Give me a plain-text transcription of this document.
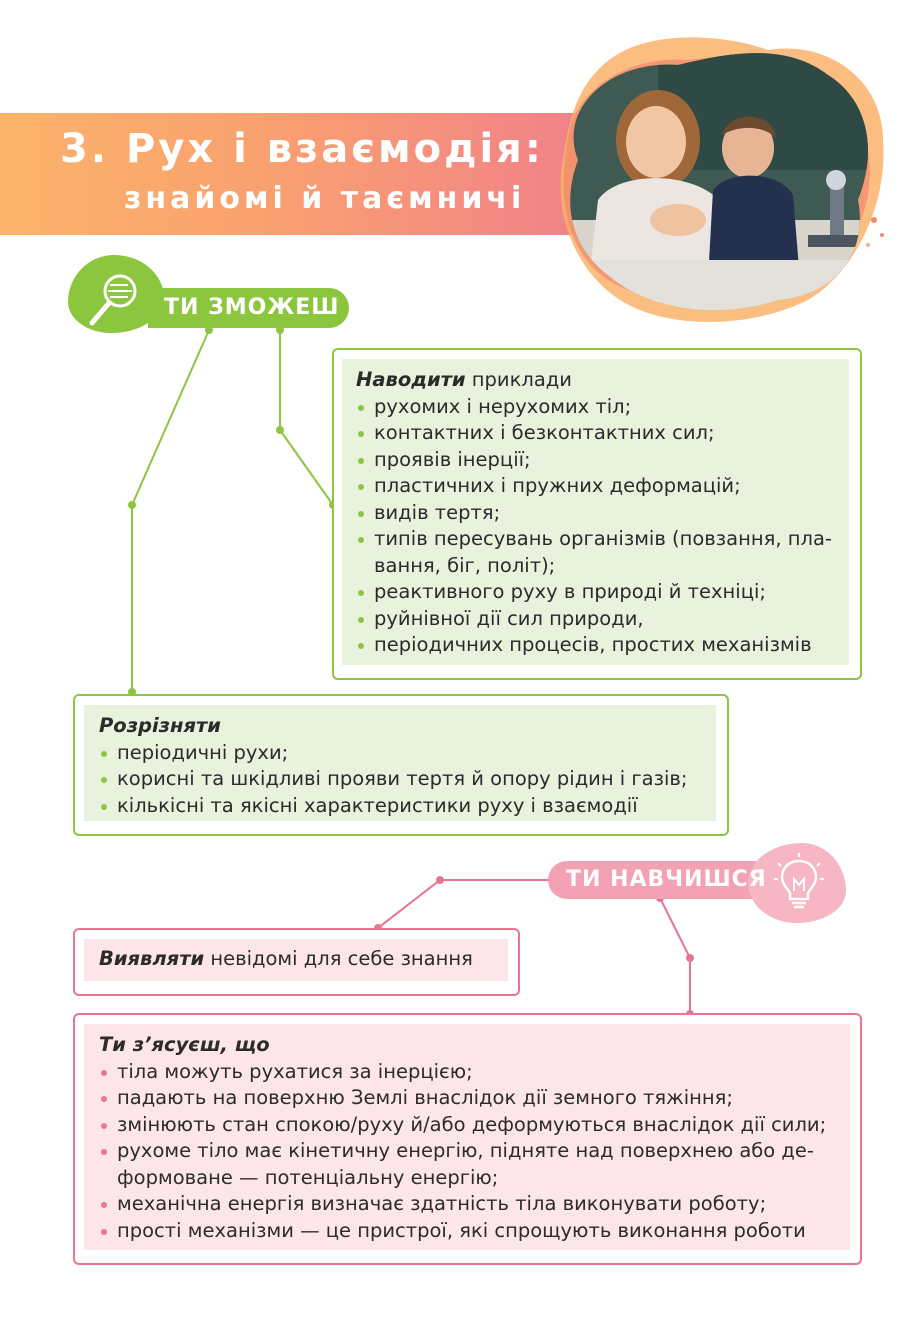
3. Рух і взаємодія:
знайомі й таємничі
ТИ ЗМОЖЕШ
Наводити приклади
рухомих і нерухомих тіл;
контактних і безконтактних сил;
проявів інерції;
пластичних і пружних деформацій;
видів тертя;
типів пересувань організмів (повзання, пла-вання, біг, політ);
реактивного руху в природі й техніці;
руйнівної дії сил природи,
періодичних процесів, простих механізмів
Розрізняти
періодичні рухи;
корисні та шкідливі прояви тертя й опору рідин і газів;
кількісні та якісні характеристики руху і взаємодії
ТИ НАВЧИШСЯ
Виявляти невідомі для себе знання
Ти з’ясуєш, що
тіла можуть рухатися за інерцією;
падають на поверхню Землі внаслідок дії земного тяжіння;
змінюють стан спокою/руху й/або деформуються внаслідок дії сили;
рухоме тіло має кінетичну енергію, підняте над поверхнею або де-формоване — потенціальну енергію;
механічна енергія визначає здатність тіла виконувати роботу;
прості механізми — це пристрої, які спрощують виконання роботи
